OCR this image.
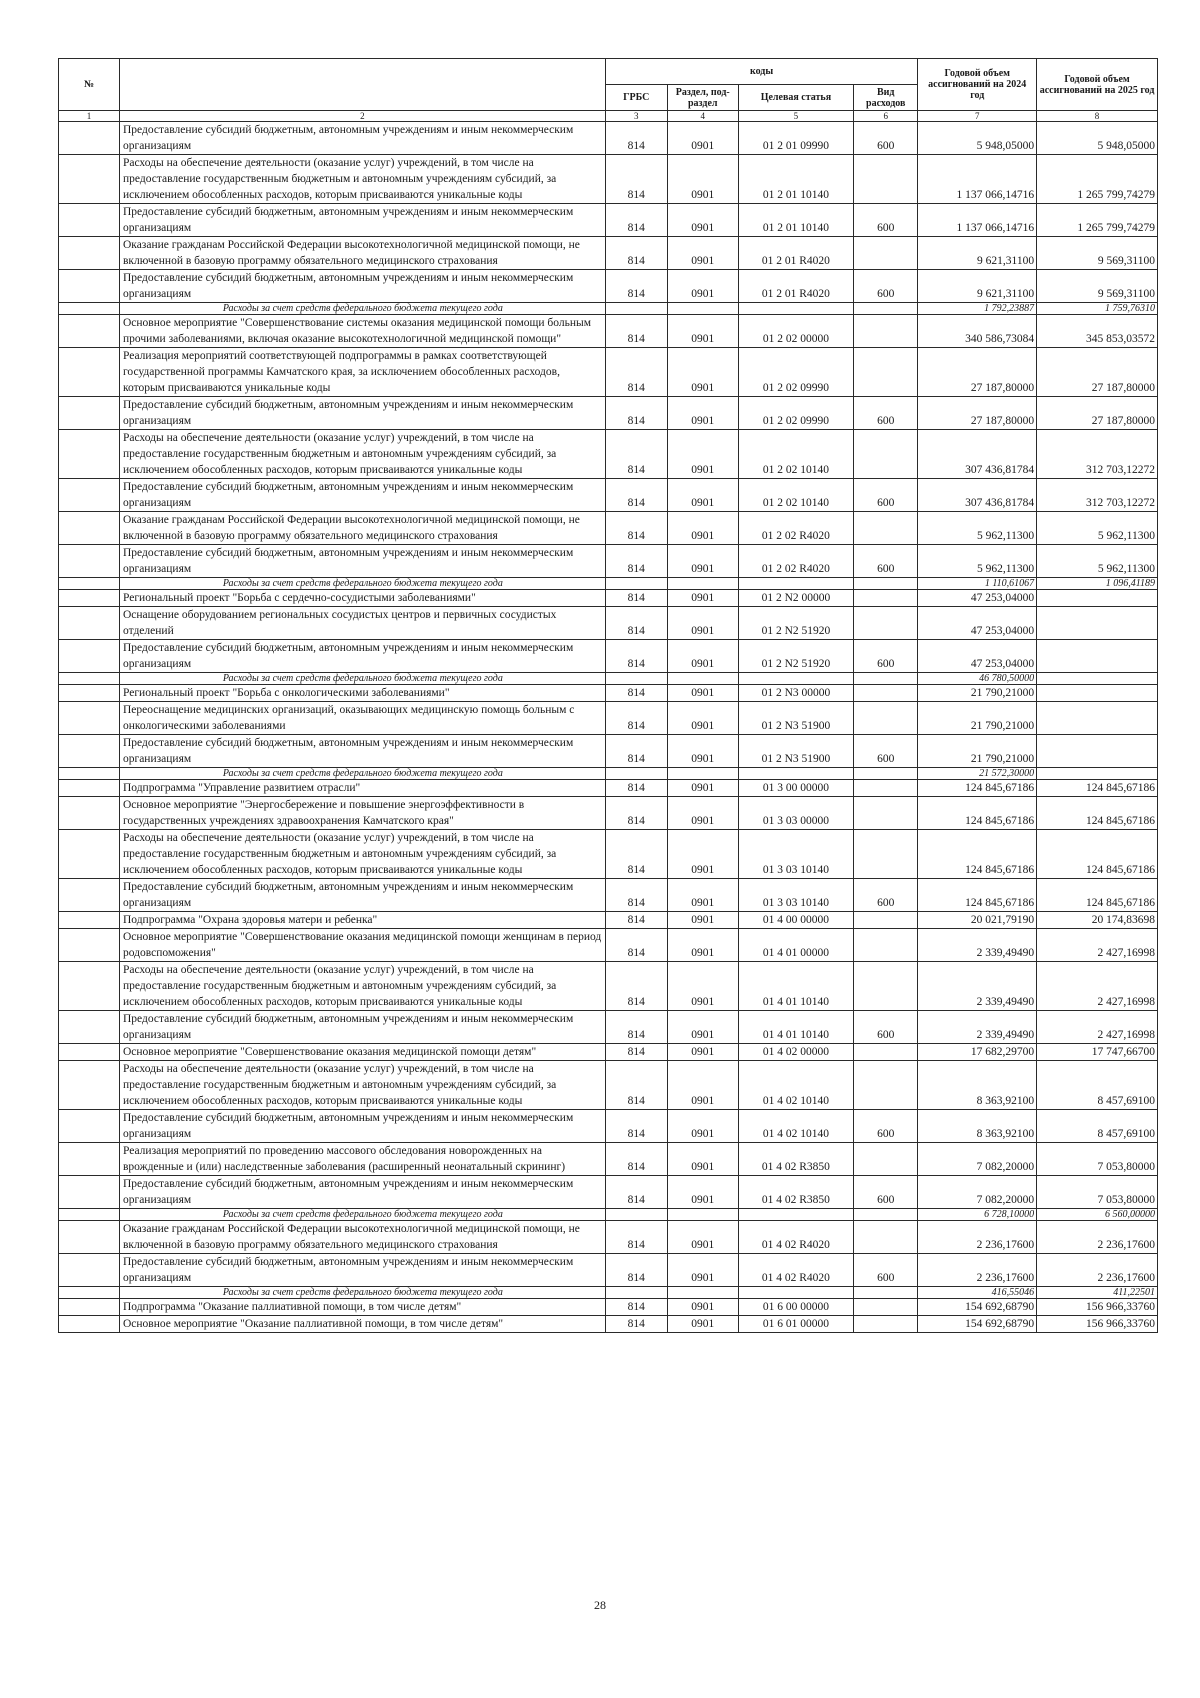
№		коды				Годовой объем ассигнований на 2024 год	Годовой объем ассигнований на 2025 год
		ГРБС	Раздел, под-раздел	Целевая статья	Вид расходов		
1	2	3	4	5	6	7	8
	Предоставление субсидий бюджетным, автономным учреждениям и иным некоммерческим организациям	814	0901	01 2 01 09990	600	5 948,05000	5 948,05000
	Расходы на обеспечение деятельности (оказание услуг) учреждений, в том числе на предоставление государственным бюджетным и автономным учреждениям субсидий, за исключением обособленных расходов, которым присваиваются уникальные коды	814	0901	01 2 01 10140		1 137 066,14716	1 265 799,74279
	Предоставление субсидий бюджетным, автономным учреждениям и иным некоммерческим организациям	814	0901	01 2 01 10140	600	1 137 066,14716	1 265 799,74279
	Оказание гражданам Российской Федерации высокотехнологичной медицинской помощи, не включенной в базовую программу обязательного медицинского страхования	814	0901	01 2 01 R4020		9 621,31100	9 569,31100
	Предоставление субсидий бюджетным, автономным учреждениям и иным некоммерческим организациям	814	0901	01 2 01 R4020	600	9 621,31100	9 569,31100
	Расходы за счет средств федерального бюджета текущего года					1 792,23887	1 759,76310
	Основное мероприятие "Совершенствование системы оказания медицинской помощи больным прочими заболеваниями, включая оказание высокотехнологичной медицинской помощи"	814	0901	01 2 02 00000		340 586,73084	345 853,03572
	Реализация мероприятий соответствующей подпрограммы в рамках соответствующей государственной программы Камчатского края, за исключением обособленных расходов, которым присваиваются уникальные коды	814	0901	01 2 02 09990		27 187,80000	27 187,80000
	Предоставление субсидий бюджетным, автономным учреждениям и иным некоммерческим организациям	814	0901	01 2 02 09990	600	27 187,80000	27 187,80000
	Расходы на обеспечение деятельности (оказание услуг) учреждений, в том числе на предоставление государственным бюджетным и автономным учреждениям субсидий, за исключением обособленных расходов, которым присваиваются уникальные коды	814	0901	01 2 02 10140		307 436,81784	312 703,12272
	Предоставление субсидий бюджетным, автономным учреждениям и иным некоммерческим организациям	814	0901	01 2 02 10140	600	307 436,81784	312 703,12272
	Оказание гражданам Российской Федерации высокотехнологичной медицинской помощи, не включенной в базовую программу обязательного медицинского страхования	814	0901	01 2 02 R4020		5 962,11300	5 962,11300
	Предоставление субсидий бюджетным, автономным учреждениям и иным некоммерческим организациям	814	0901	01 2 02 R4020	600	5 962,11300	5 962,11300
	Расходы за счет средств федерального бюджета текущего года					1 110,61067	1 096,41189
	Региональный проект "Борьба с сердечно-сосудистыми заболеваниями"	814	0901	01 2 N2 00000		47 253,04000	
	Оснащение оборудованием региональных сосудистых центров и первичных сосудистых отделений	814	0901	01 2 N2 51920		47 253,04000	
	Предоставление субсидий бюджетным, автономным учреждениям и иным некоммерческим организациям	814	0901	01 2 N2 51920	600	47 253,04000	
	Расходы за счет средств федерального бюджета текущего года					46 780,50000	
	Региональный проект "Борьба с онкологическими заболеваниями"	814	0901	01 2 N3 00000		21 790,21000	
	Переоснащение медицинских организаций, оказывающих медицинскую помощь больным с онкологическими заболеваниями	814	0901	01 2 N3 51900		21 790,21000	
	Предоставление субсидий бюджетным, автономным учреждениям и иным некоммерческим организациям	814	0901	01 2 N3 51900	600	21 790,21000	
	Расходы за счет средств федерального бюджета текущего года					21 572,30000	
	Подпрограмма "Управление развитием отрасли"	814	0901	01 3 00 00000		124 845,67186	124 845,67186
	Основное мероприятие "Энергосбережение и повышение энергоэффективности в государственных учреждениях здравоохранения Камчатского края"	814	0901	01 3 03 00000		124 845,67186	124 845,67186
	Расходы на обеспечение деятельности (оказание услуг) учреждений, в том числе на предоставление государственным бюджетным и автономным учреждениям субсидий, за исключением обособленных расходов, которым присваиваются уникальные коды	814	0901	01 3 03 10140		124 845,67186	124 845,67186
	Предоставление субсидий бюджетным, автономным учреждениям и иным некоммерческим организациям	814	0901	01 3 03 10140	600	124 845,67186	124 845,67186
	Подпрограмма "Охрана здоровья матери и ребенка"	814	0901	01 4 00 00000		20 021,79190	20 174,83698
	Основное мероприятие "Совершенствование оказания медицинской помощи женщинам в период родовспоможения"	814	0901	01 4 01 00000		2 339,49490	2 427,16998
	Расходы на обеспечение деятельности (оказание услуг) учреждений, в том числе на предоставление государственным бюджетным и автономным учреждениям субсидий, за исключением обособленных расходов, которым присваиваются уникальные коды	814	0901	01 4 01 10140		2 339,49490	2 427,16998
	Предоставление субсидий бюджетным, автономным учреждениям и иным некоммерческим организациям	814	0901	01 4 01 10140	600	2 339,49490	2 427,16998
	Основное мероприятие "Совершенствование оказания медицинской помощи детям"	814	0901	01 4 02 00000		17 682,29700	17 747,66700
	Расходы на обеспечение деятельности (оказание услуг) учреждений, в том числе на предоставление государственным бюджетным и автономным учреждениям субсидий, за исключением обособленных расходов, которым присваиваются уникальные коды	814	0901	01 4 02 10140		8 363,92100	8 457,69100
	Предоставление субсидий бюджетным, автономным учреждениям и иным некоммерческим организациям	814	0901	01 4 02 10140	600	8 363,92100	8 457,69100
	Реализация мероприятий по проведению массового обследования новорожденных на врожденные и (или) наследственные заболевания (расширенный неонатальный скрининг)	814	0901	01 4 02 R3850		7 082,20000	7 053,80000
	Предоставление субсидий бюджетным, автономным учреждениям и иным некоммерческим организациям	814	0901	01 4 02 R3850	600	7 082,20000	7 053,80000
	Расходы за счет средств федерального бюджета текущего года					6 728,10000	6 560,00000
	Оказание гражданам Российской Федерации высокотехнологичной медицинской помощи, не включенной в базовую программу обязательного медицинского страхования	814	0901	01 4 02 R4020		2 236,17600	2 236,17600
	Предоставление субсидий бюджетным, автономным учреждениям и иным некоммерческим организациям	814	0901	01 4 02 R4020	600	2 236,17600	2 236,17600
	Расходы за счет средств федерального бюджета текущего года					416,55046	411,22501
	Подпрограмма "Оказание паллиативной помощи, в том числе детям"	814	0901	01 6 00 00000		154 692,68790	156 966,33760
	Основное мероприятие "Оказание паллиативной помощи, в том числе детям"	814	0901	01 6 01 00000		154 692,68790	156 966,33760
28
